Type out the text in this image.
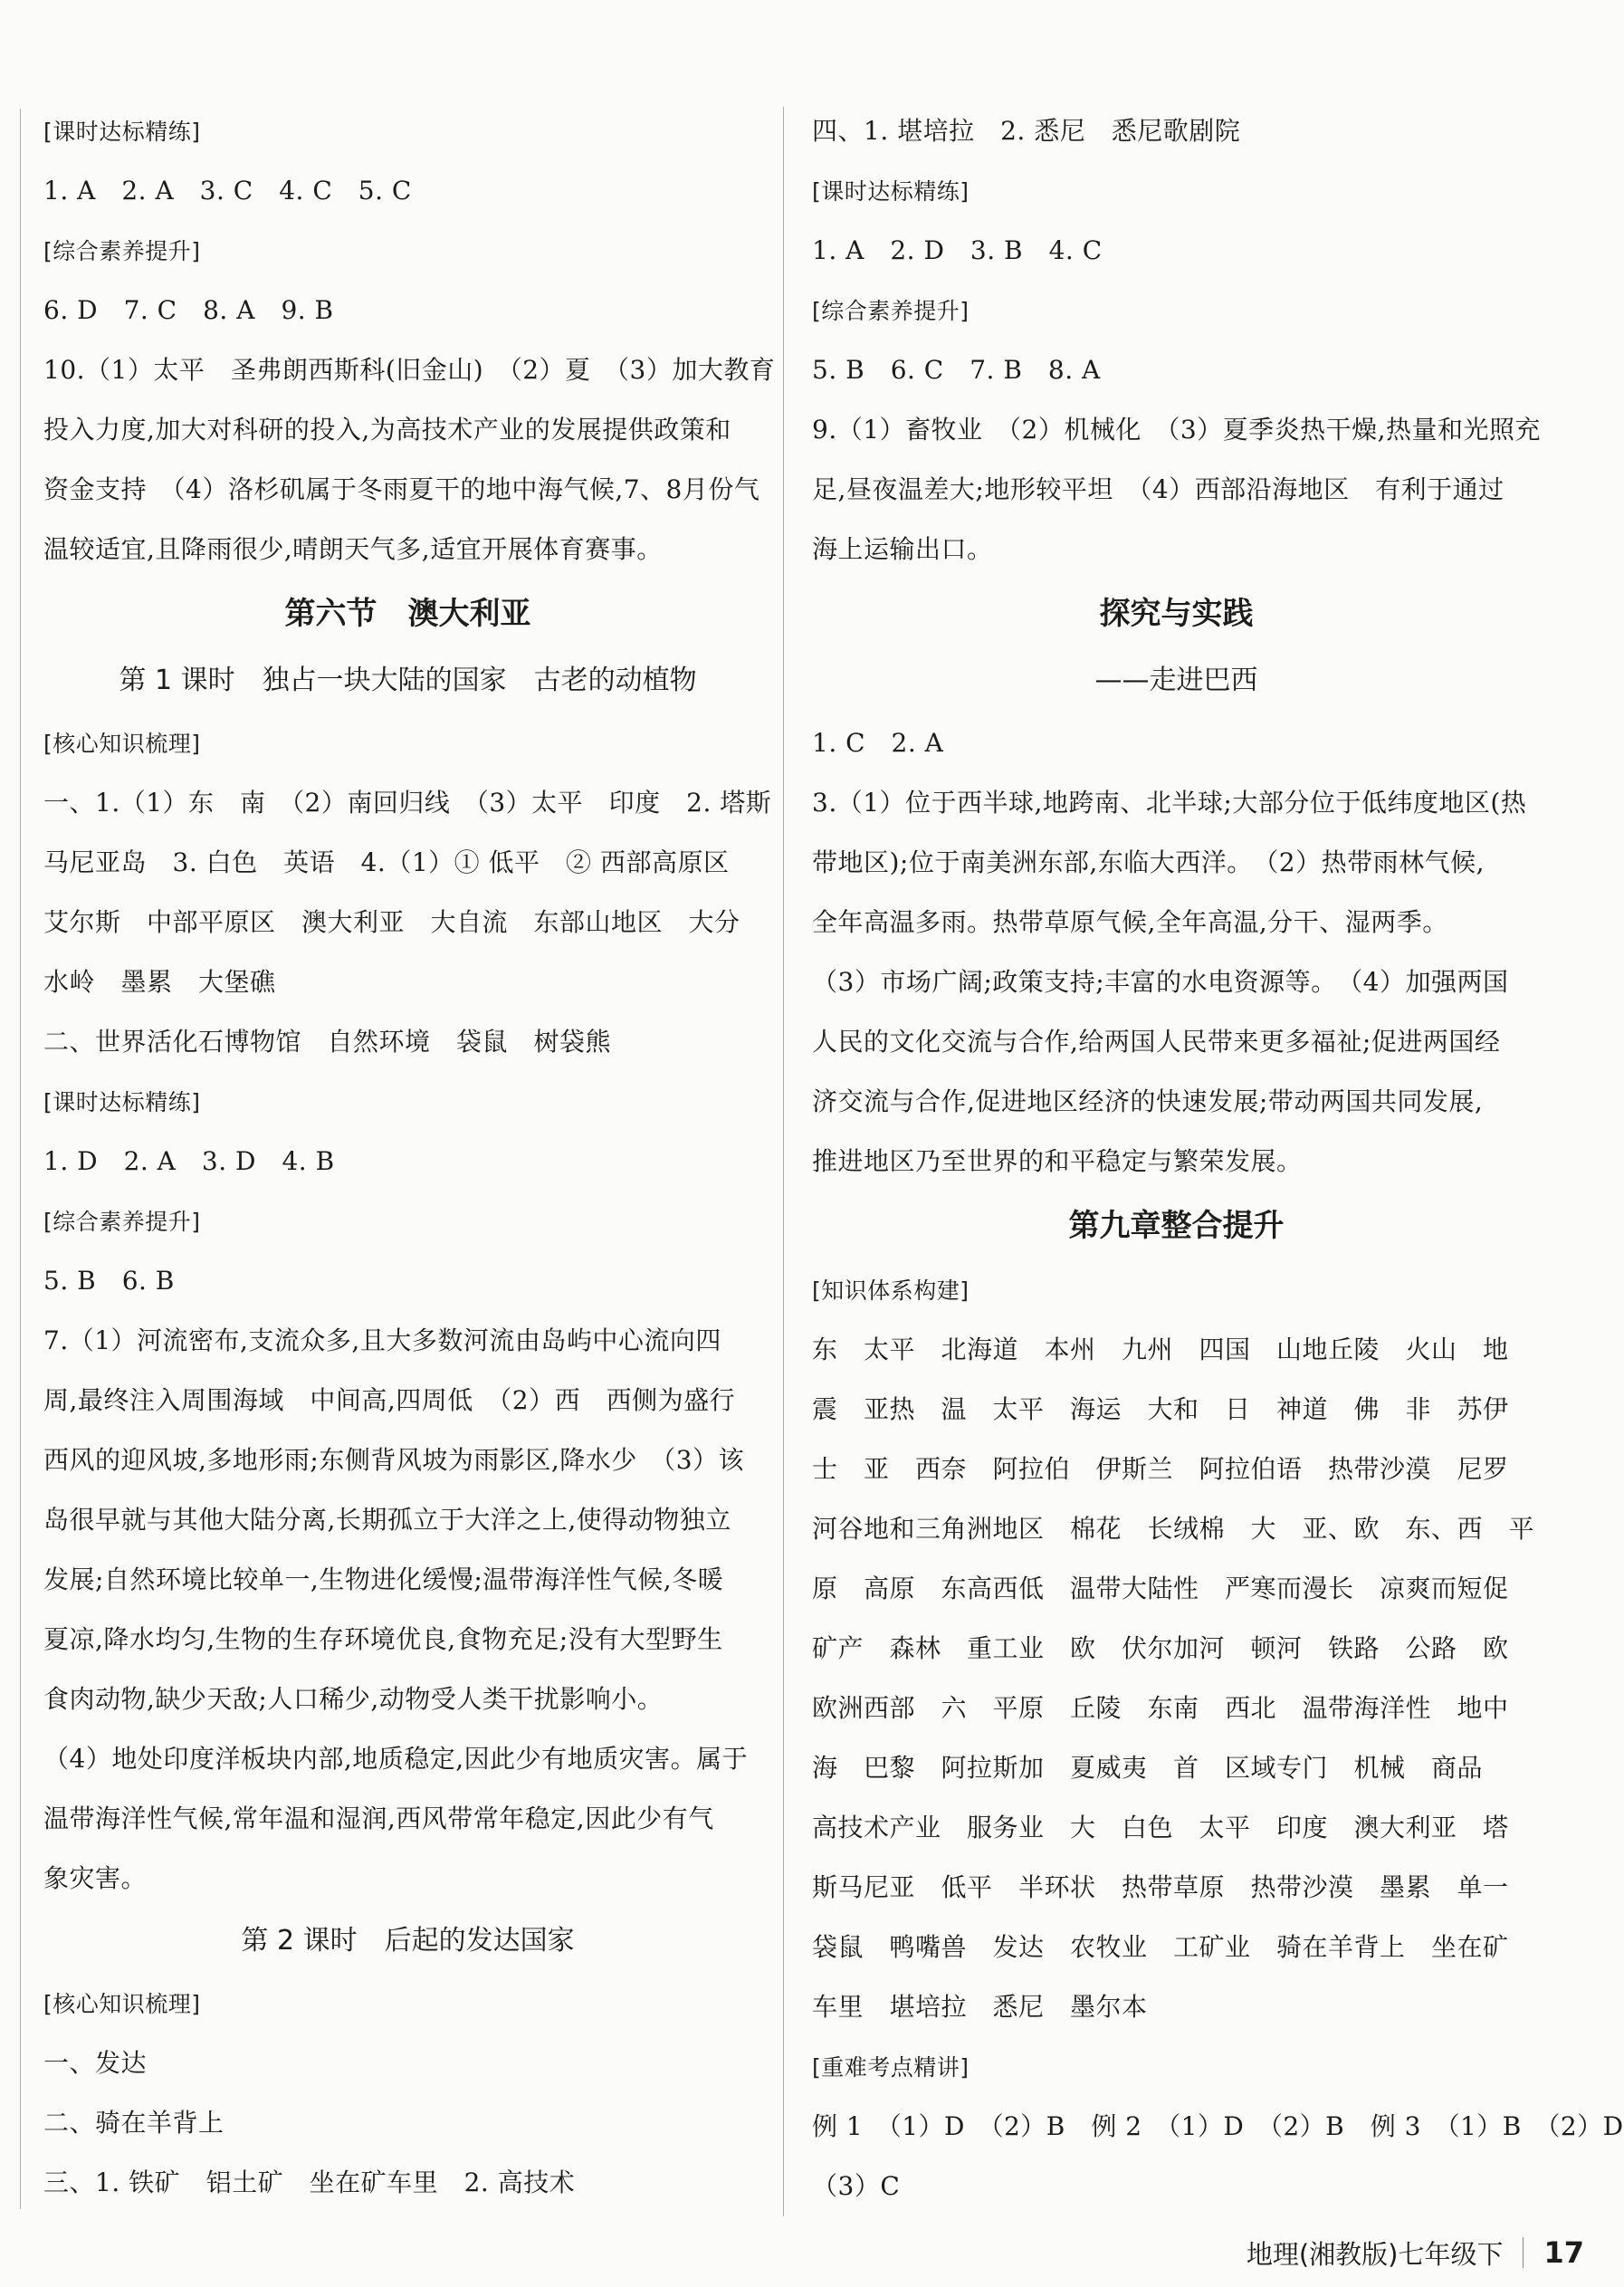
[ 课时达标精练 ]
1. A　2. A　3. C　4. C　5. C
[ 综合素养提升 ]
6. D　7. C　8. A　9. B
10.（1）太平　圣弗朗西斯科(旧金山)　（2）夏　（3）加大教育
投入力度,加大对科研的投入,为高技术产业的发展提供政策和
资金支持　（4）洛杉矶属于冬雨夏干的地中海气候,7、8月份气
温较适宜,且降雨很少,晴朗天气多,适宜开展体育赛事。
第六节　澳大利亚
第 1 课时　独占一块大陆的国家　古老的动植物
[ 核心知识梳理 ]
一、1.（1）东　南　（2）南回归线　（3）太平　印度　2. 塔斯
马尼亚岛　3. 白色　英语　4.（1）① 低平　② 西部高原区
艾尔斯　中部平原区　澳大利亚　大自流　东部山地区　大分
水岭　墨累　大堡礁
二、世界活化石博物馆　自然环境　袋鼠　树袋熊
[ 课时达标精练 ]
1. D　2. A　3. D　4. B
[ 综合素养提升 ]
5. B　6. B
7.（1）河流密布,支流众多,且大多数河流由岛屿中心流向四
周,最终注入周围海域　中间高,四周低　（2）西　西侧为盛行
西风的迎风坡,多地形雨;东侧背风坡为雨影区,降水少　（3）该
岛很早就与其他大陆分离,长期孤立于大洋之上,使得动物独立
发展;自然环境比较单一,生物进化缓慢;温带海洋性气候,冬暖
夏凉,降水均匀,生物的生存环境优良,食物充足;没有大型野生
食肉动物,缺少天敌;人口稀少,动物受人类干扰影响小。
（4）地处印度洋板块内部,地质稳定,因此少有地质灾害。属于
温带海洋性气候,常年温和湿润,西风带常年稳定,因此少有气
象灾害。
第 2 课时　后起的发达国家
[ 核心知识梳理 ]
一、发达
二、骑在羊背上
三、1. 铁矿　铝土矿　坐在矿车里　2. 高技术
四、1. 堪培拉　2. 悉尼　悉尼歌剧院
[ 课时达标精练 ]
1. A　2. D　3. B　4. C
[ 综合素养提升 ]
5. B　6. C　7. B　8. A
9.（1）畜牧业　（2）机械化　（3）夏季炎热干燥,热量和光照充
足,昼夜温差大;地形较平坦　（4）西部沿海地区　有利于通过
海上运输出口。
探究与实践
——走进巴西
1. C　2. A
3.（1）位于西半球,地跨南、北半球;大部分位于低纬度地区(热
带地区);位于南美洲东部,东临大西洋。　（2）热带雨林气候,
全年高温多雨。热带草原气候,全年高温,分干、湿两季。
（3）市场广阔;政策支持;丰富的水电资源等。　（4）加强两国
人民的文化交流与合作,给两国人民带来更多福祉;促进两国经
济交流与合作,促进地区经济的快速发展;带动两国共同发展,
推进地区乃至世界的和平稳定与繁荣发展。
第九章整合提升
[ 知识体系构建 ]
东　太平　北海道　本州　九州　四国　山地丘陵　火山　地
震　亚热　温　太平　海运　大和　日　神道　佛　非　苏伊
士　亚　西奈　阿拉伯　伊斯兰　阿拉伯语　热带沙漠　尼罗
河谷地和三角洲地区　棉花　长绒棉　大　亚、欧　东、西　平
原　高原　东高西低　温带大陆性　严寒而漫长　凉爽而短促
矿产　森林　重工业　欧　伏尔加河　顿河　铁路　公路　欧
欧洲西部　六　平原　丘陵　东南　西北　温带海洋性　地中
海　巴黎　阿拉斯加　夏威夷　首　区域专门　机械　商品
高技术产业　服务业　大　白色　太平　印度　澳大利亚　塔
斯马尼亚　低平　半环状　热带草原　热带沙漠　墨累　单一
袋鼠　鸭嘴兽　发达　农牧业　工矿业　骑在羊背上　坐在矿
车里　堪培拉　悉尼　墨尔本
[ 重难考点精讲 ]
例 1　（1）D　（2）B　例 2　（1）D　（2）B　例 3　（1）B　（2）D
（3）C
地理(湘教版)七年级下 17
